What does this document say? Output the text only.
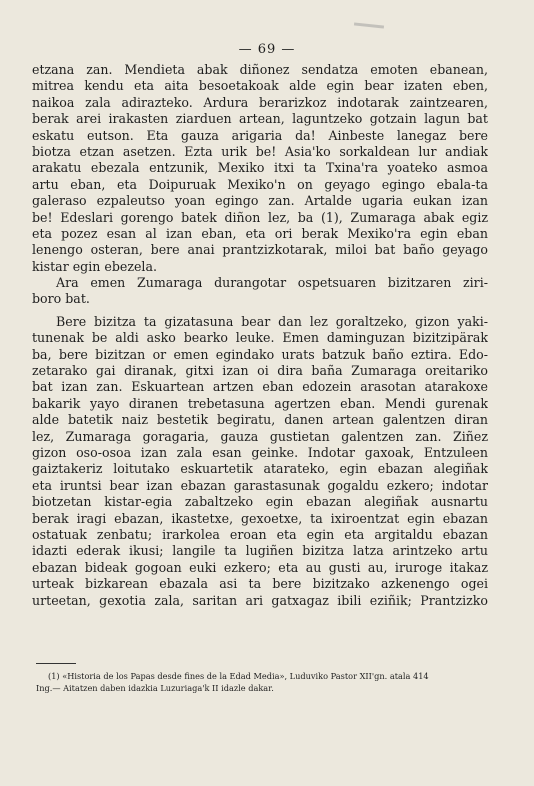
— 69 —
etzana zan. Mendieta abak diñonez sendatza emoten ebanean,
mitrea kendu eta aita besoetakoak alde egin bear izaten eben,
naikoa zala adirazteko. Ardura berarizkoz indotarak zaintzearen,
berak arei irakasten ziarduen artean, laguntzeko gotzain lagun bat
eskatu eutson. Eta gauza arigaria da! Ainbeste lanegaz bere
biotza etzan asetzen. Ezta urik be! Asia'ko sorkaldean lur andiak
arakatu ebezala entzunik, Mexiko itxi ta Txina'ra yoateko asmoa
artu eban, eta Doipuruak Mexiko'n on geyago egingo ebala-ta
galeraso ezpaleutso yoan egingo zan. Artalde ugaria eukan izan
be! Edeslari gorengo batek diñon lez, ba (1), Zumaraga abak egiz
eta pozez esan al izan eban, eta ori berak Mexiko'ra egin eban
lenengo osteran, bere anai prantzizkotarak, miloi bat baño geyago
kistar egin ebezela.
Ara emen Zumaraga durangotar ospetsuaren bizitzaren ziri-
boro bat.
Bere bizitza ta gizatasuna bear dan lez goraltzeko, gizon yaki-
tunenak be aldi asko bearko leuke. Emen daminguzan bizitzipärak
ba, bere bizitzan or emen egindako urats batzuk baño eztira. Edo-
zetarako gai diranak, gitxi izan oi dira baña Zumaraga oreitariko
bat izan zan. Eskuartean artzen eban edozein arasotan atarakoxe
bakarik yayo diranen trebetasuna agertzen eban. Mendi gurenak
alde batetik naiz bestetik begiratu, danen artean galentzen diran
lez, Zumaraga goragaria, gauza gustietan galentzen zan. Ziñez
gizon oso-osoa izan zala esan geinke. Indotar gaxoak, Entzuleen
gaiztakeriz loitutako eskuartetik atarateko, egin ebazan alegiñak
eta iruntsi bear izan ebazan garastasunak gogaldu ezkero; indotar
biotzetan kistar-egia zabaltzeko egin ebazan alegiñak ausnartu
berak iragi ebazan, ikastetxe, gexoetxe, ta ixiroentzat egin ebazan
ostatuak zenbatu; irarkolea eroan eta egin eta argitaldu ebazan
idazti ederak ikusi; langile ta lugiñen bizitza latza arintzeko artu
ebazan bideak gogoan euki ezkero; eta au gusti au, iruroge itakaz
urteak bizkarean ebazala asi ta bere bizitzako azkenengo ogei
urteetan, gexotia zala, saritan ari gatxagaz ibili eziñik; Prantzizko
(1) «Historia de los Papas desde fines de la Edad Media», Luduviko Pastor XII'gn. atala 414
Ing.— Aitatzen daben idazkia Luzuriaga'k II idazle dakar.
